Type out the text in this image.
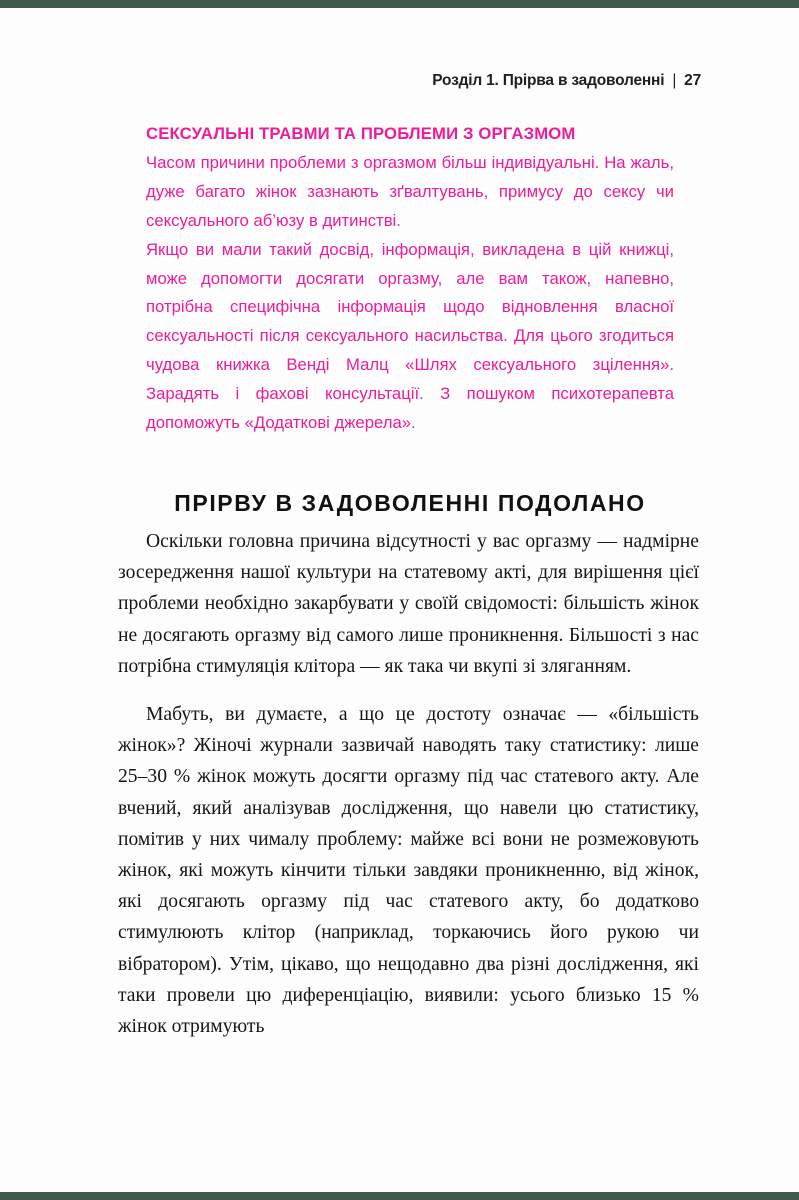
Розділ 1. Прірва в задоволенні | 27
СЕКСУАЛЬНІ ТРАВМИ ТА ПРОБЛЕМИ З ОРГАЗМОМ

Часом причини проблеми з оргазмом більш індивідуальні. На жаль, дуже багато жінок зазнають зґвалтувань, примусу до сексу чи сексуального аб’юзу в дитинстві.

Якщо ви мали такий досвід, інформація, викладена в цій книжці, може допомогти досягати оргазму, але вам також, напевно, потрібна специфічна інформація щодо відновлення власної сексуальності після сексуального насильства. Для цього згодиться чудова книжка Венді Малц «Шлях сексуального зцілення». Зарадять і фахові консультації. З пошуком психотерапевта допоможуть «Додаткові джерела».

ПРІРВУ В ЗАДОВОЛЕННІ ПОДОЛАНО

Оскільки головна причина відсутності у вас оргазму — надмірне зосередження нашої культури на статевому акті, для вирішення цієї проблеми необхідно закарбувати у своїй свідомості: більшість жінок не досягають оргазму від самого лише проникнення. Більшості з нас потрібна стимуляція клітора — як така чи вкупі зі зляганням.

Мабуть, ви думаєте, а що це достоту означає — «більшість жінок»? Жіночі журнали зазвичай наводять таку статистику: лише 25–30 % жінок можуть досягти оргазму під час статевого акту. Але вчений, який аналізував дослідження, що навели цю статистику, помітив у них чималу проблему: майже всі вони не розмежовують жінок, які можуть кінчити тільки завдяки проникненню, від жінок, які досягають оргазму під час статевого акту, бо додатково стимулюють клітор (наприклад, торкаючись його рукою чи вібратором). Утім, цікаво, що нещодавно два різні дослідження, які таки провели цю диференціацію, виявили: усього близько 15 % жінок отримують
